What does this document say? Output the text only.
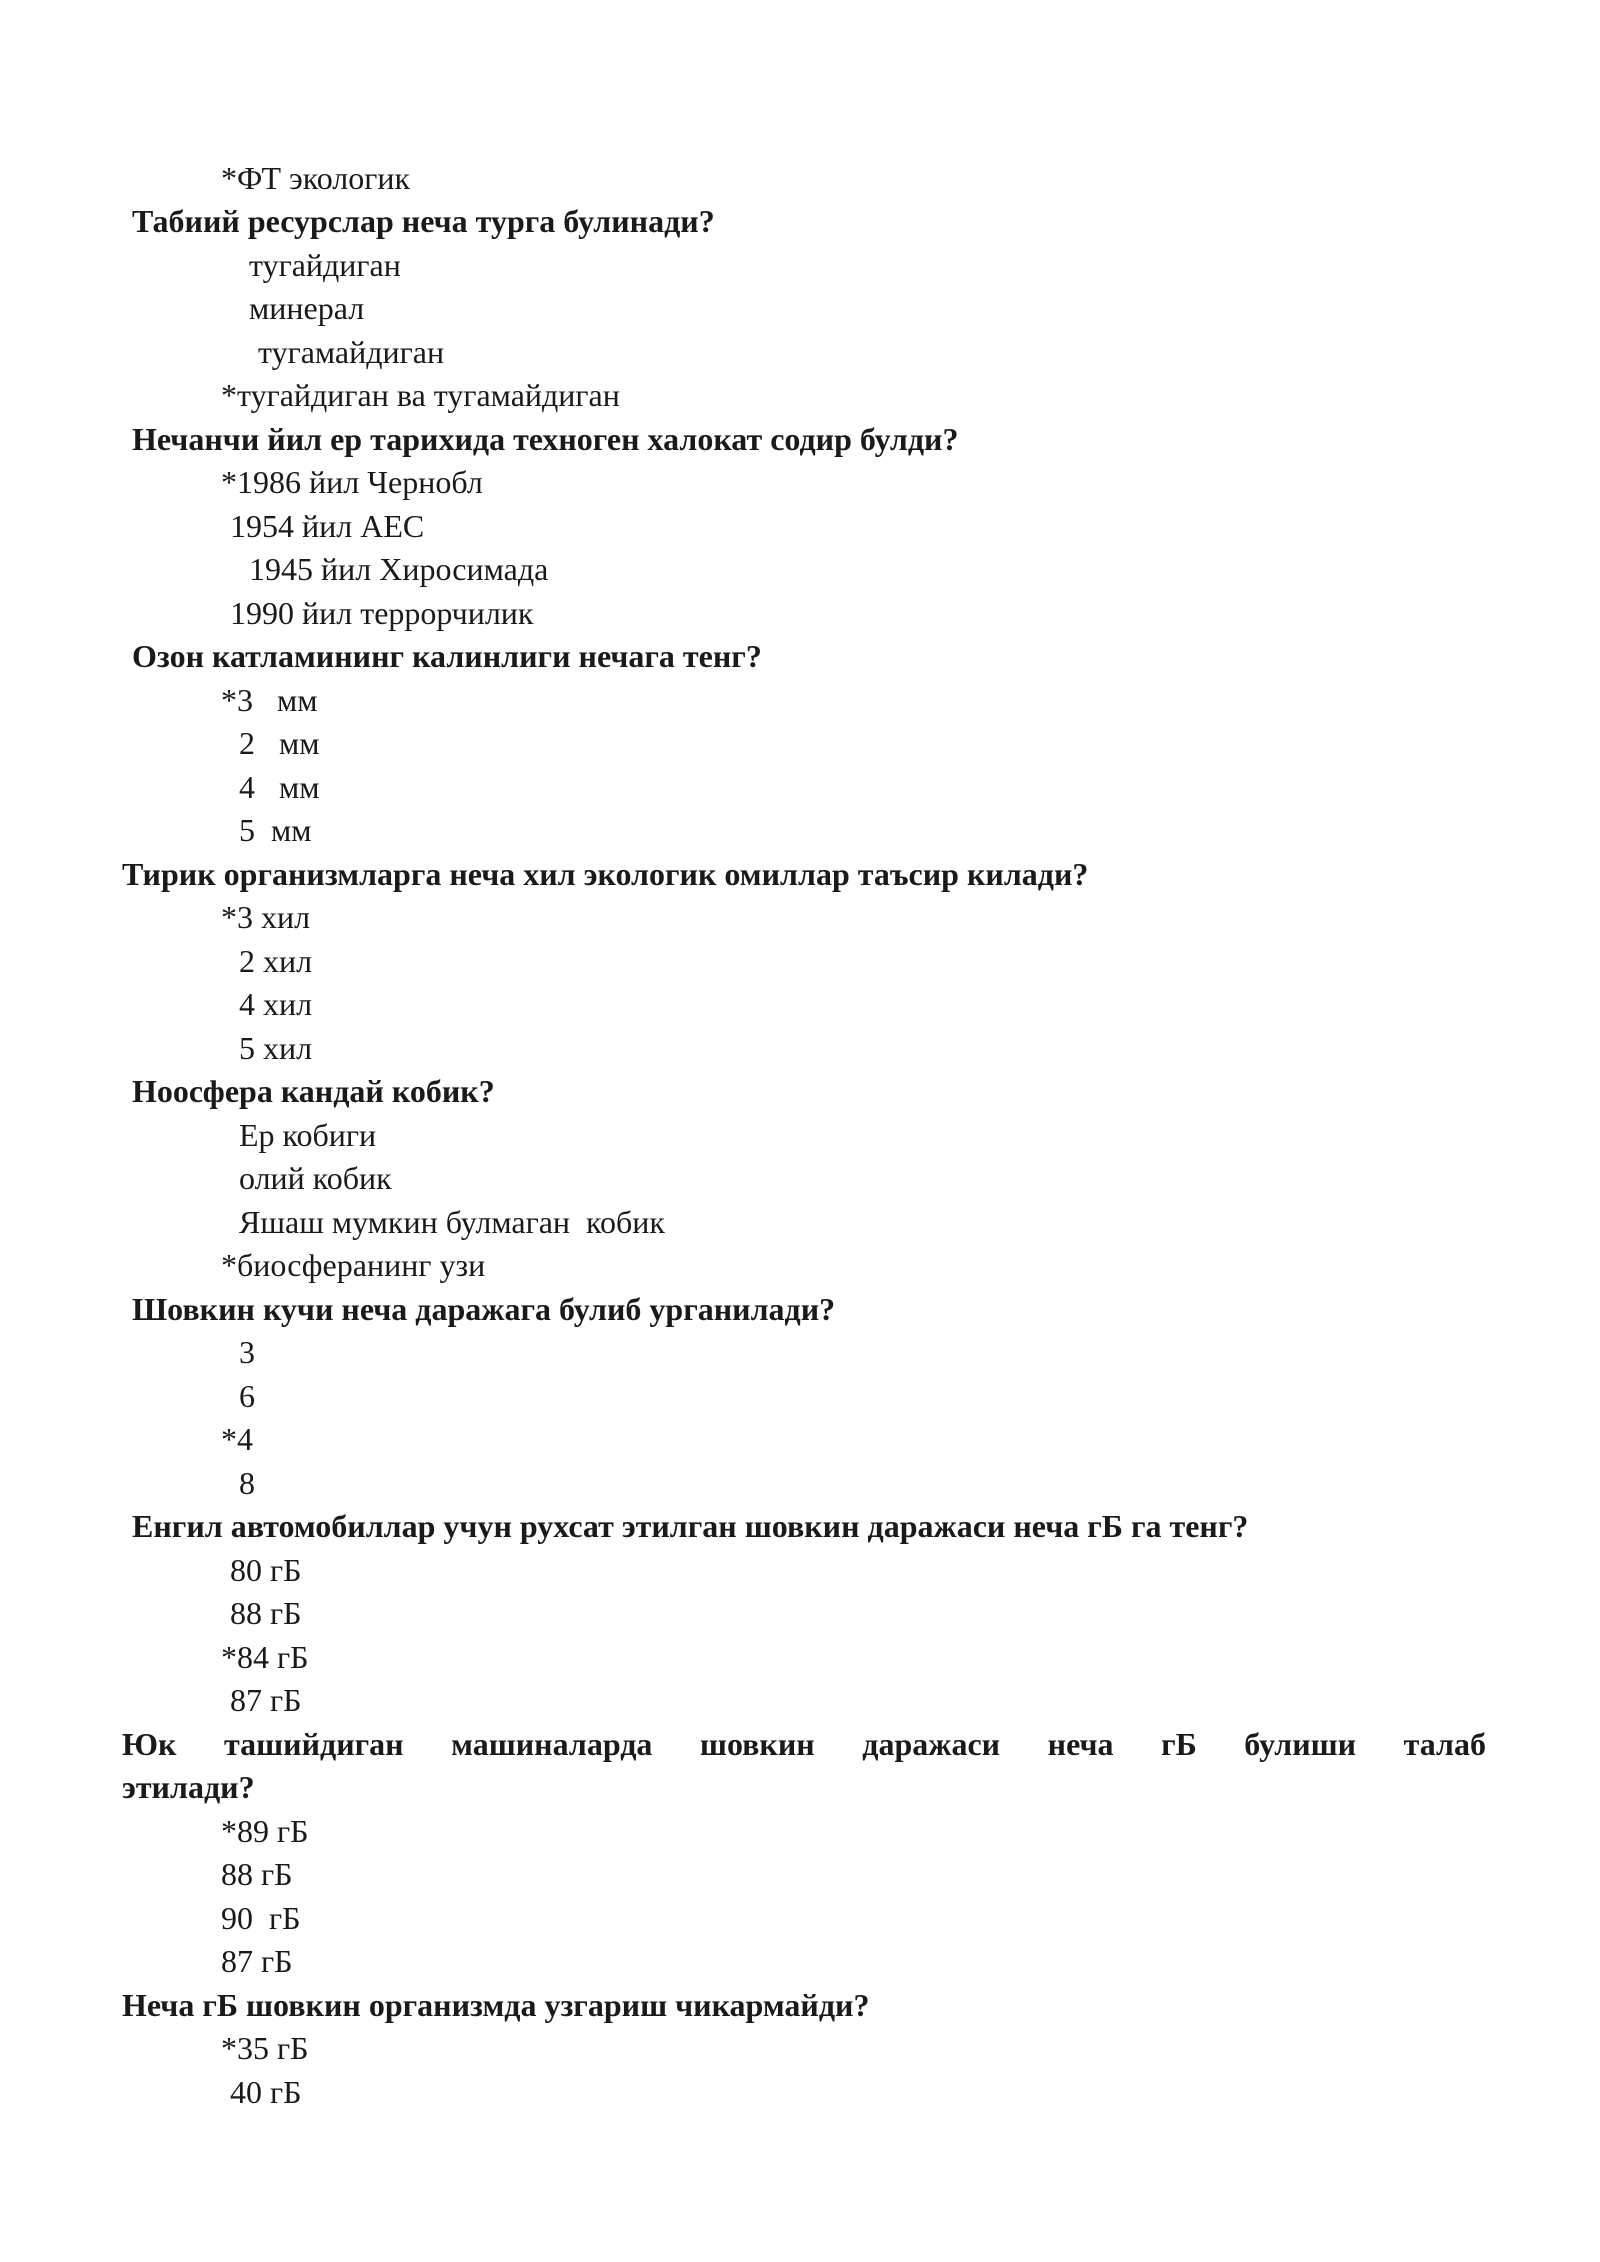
*ФТ экологик
Табиий ресурслар неча турга булинади?
тугайдиган
минерал
тугамайдиган
*тугайдиган ва тугамайдиган
Нечанчи йил ер тарихида техноген халокат содир булди?
*1986 йил Чернобл
1954 йил АЕС
1945 йил Хиросимада
1990 йил террорчилик
Озон катламининг калинлиги нечага тенг?
*3   мм
2   мм
4   мм
5  мм
Тирик организмларга неча хил экологик омиллар таъсир килади?
*3 хил
2 хил
4 хил
5 хил
Ноосфера кандай кобик?
Ер кобиги
олий кобик
Яшаш мумкин булмаган  кобик
*биосферанинг узи
Шовкин кучи неча даражага булиб урганилади?
3
6
*4
8
Енгил автомобиллар учун рухсат этилган шовкин даражаси неча гБ га тенг?
80 гБ
88 гБ
*84 гБ
87 гБ
Юк ташийдиган машиналарда шовкин даражаси неча гБ булиши талаб
этилади?
*89 гБ
88 гБ
90  гБ
87 гБ
Неча гБ шовкин организмда узгариш чикармайди?
*35 гБ
40 гБ
